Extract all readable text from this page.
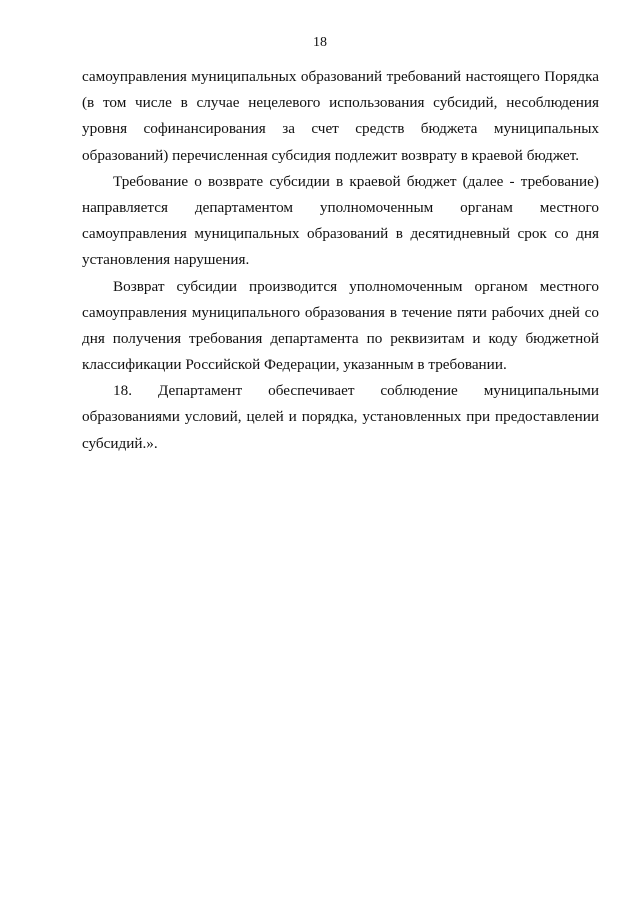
18
самоуправления муниципальных образований требований настоящего Порядка
(в том числе в случае нецелевого использования субсидий, несоблюдения
уровня софинансирования за счет средств бюджета муниципальных
образований) перечисленная субсидия подлежит возврату в краевой бюджет.
Требование о возврате субсидии в краевой бюджет (далее - требование)
направляется департаментом уполномоченным органам местного
самоуправления муниципальных образований в десятидневный срок со дня
установления нарушения.
Возврат субсидии производится уполномоченным органом местного
самоуправления муниципального образования в течение пяти рабочих дней со
дня получения требования департамента по реквизитам и коду бюджетной
классификации Российской Федерации, указанным в требовании.
18. Департамент обеспечивает соблюдение муниципальными
образованиями условий, целей и порядка, установленных при предоставлении
субсидий.».
